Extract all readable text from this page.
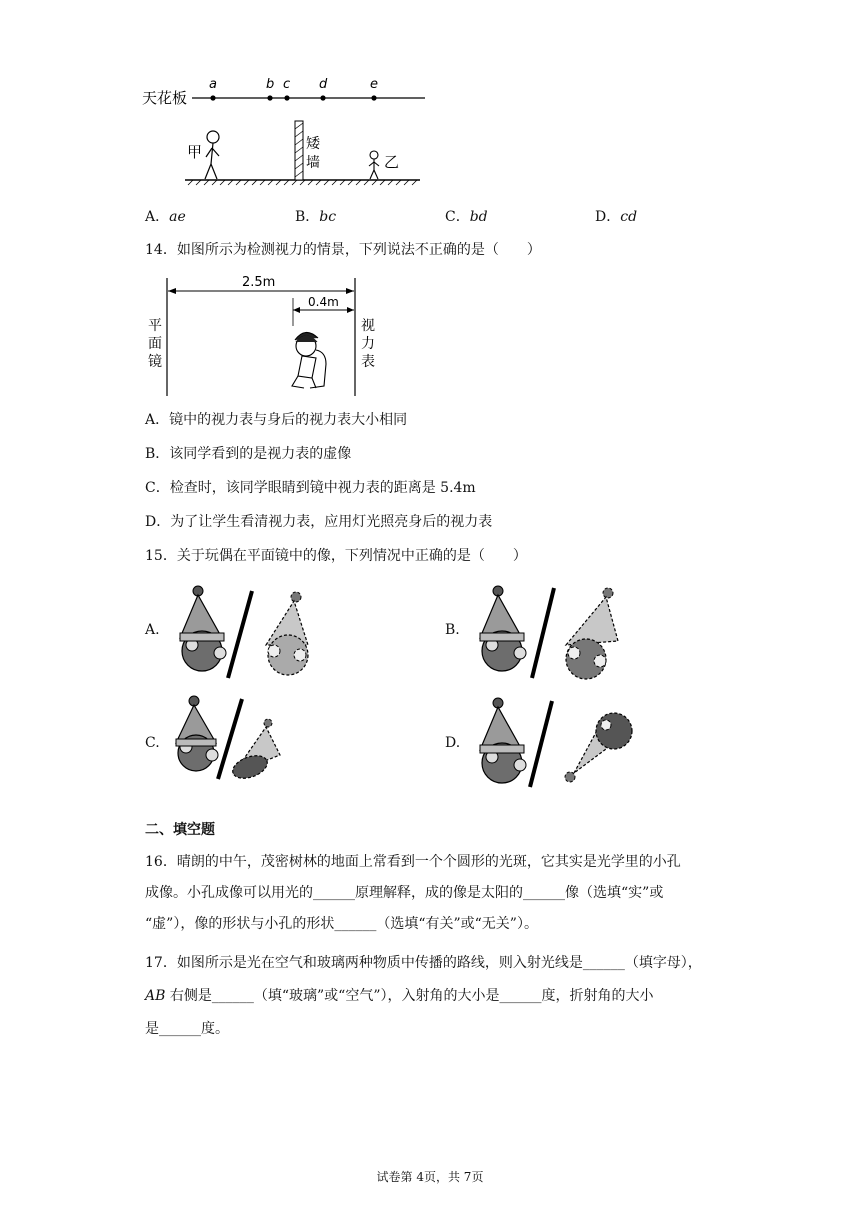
天花板
a	b c d	e
甲	矮
墙	乙
A．ae	B．bc	C．bd	D．cd
14．如图所示为检测视力的情景，下列说法不正确的是（　　）
2.5m
0.4m
平
面
镜
视
力
表
A．镜中的视力表与身后的视力表大小相同
B．该同学看到的是视力表的虚像
C．检查时，该同学眼睛到镜中视力表的距离是 5.4m
D．为了让学生看清视力表，应用灯光照亮身后的视力表
15．关于玩偶在平面镜中的像，下列情况中正确的是（　　）
A.	B.
C.	D.
二、填空题
16．晴朗的中午，茂密树林的地面上常看到一个个圆形的光斑，它其实是光学里的小孔
成像。小孔成像可以用光的______原理解释，成的像是太阳的______像（选填“实”或
“虚”），像的形状与小孔的形状______（选填“有关”或“无关”）。
17．如图所示是光在空气和玻璃两种物质中传播的路线，则入射光线是______（填字母），
AB 右侧是______（填“玻璃”或“空气”），入射角的大小是______度，折射角的大小
是______度。
试卷第 4页，共 7页
